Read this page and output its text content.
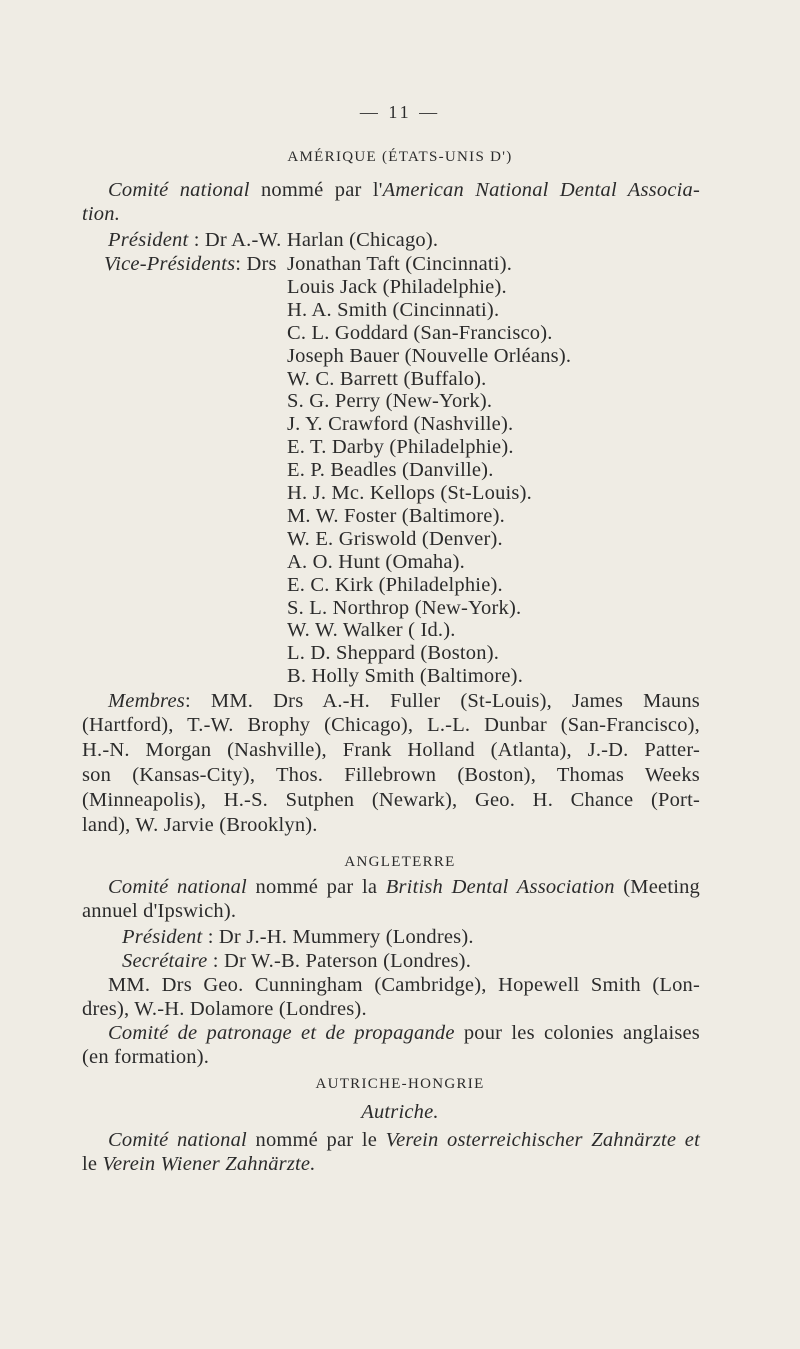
— 11 —
AMÉRIQUE (ÉTATS-UNIS D')
Comité national nommé par l'American National Dental Associa-
tion.
Président : Dr A.-W. Harlan (Chicago).
Vice-Présidents: Drs Jonathan Taft (Cincinnati).
Louis Jack (Philadelphie).
H. A. Smith (Cincinnati).
C. L. Goddard (San-Francisco).
Joseph Bauer (Nouvelle Orléans).
W. C. Barrett (Buffalo).
S. G. Perry (New-York).
J. Y. Crawford (Nashville).
E. T. Darby (Philadelphie).
E. P. Beadles (Danville).
H. J. Mc. Kellops (St-Louis).
M. W. Foster (Baltimore).
W. E. Griswold (Denver).
A. O. Hunt (Omaha).
E. C. Kirk (Philadelphie).
S. L. Northrop (New-York).
W. W. Walker ( Id.).
L. D. Sheppard (Boston).
B. Holly Smith (Baltimore).
Membres: MM. Drs A.-H. Fuller (St-Louis), James Mauns
(Hartford), T.-W. Brophy (Chicago), L.-L. Dunbar (San-Francisco),
H.-N. Morgan (Nashville), Frank Holland (Atlanta), J.-D. Patter-
son (Kansas-City), Thos. Fillebrown (Boston), Thomas Weeks
(Minneapolis), H.-S. Sutphen (Newark), Geo. H. Chance (Port-
land), W. Jarvie (Brooklyn).
ANGLETERRE
Comité national nommé par la British Dental Association (Meeting
annuel d'Ipswich).
Président : Dr J.-H. Mummery (Londres).
Secrétaire : Dr W.-B. Paterson (Londres).
MM. Drs Geo. Cunningham (Cambridge), Hopewell Smith (Lon-
dres), W.-H. Dolamore (Londres).
Comité de patronage et de propagande pour les colonies anglaises
(en formation).
AUTRICHE-HONGRIE
Autriche.
Comité national nommé par le Verein osterreichischer Zahnärzte et
le Verein Wiener Zahnärzte.
